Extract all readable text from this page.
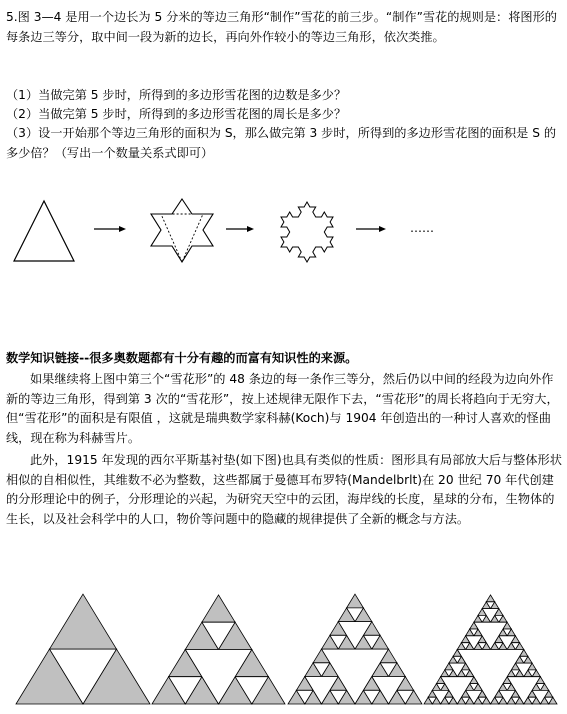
5.图 3—4 是用一个边长为 5 分米的等边三角形“制作”雪花的前三步。“制作”雪花的规则是：将图形的每条边三等分，取中间一段为新的边长，再向外作较小的等边三角形，依次类推。
（1）当做完第 5 步时，所得到的多边形雪花图的边数是多少？
（2）当做完第 5 步时，所得到的多边形雪花图的周长是多少？
（3）设一开始那个等边三角形的面积为 S，那么做完第 3 步时，所得到的多边形雪花图的面积是 S 的多少倍？（写出一个数量关系式即可）
……
数学知识链接--很多奥数题都有十分有趣的而富有知识性的来源。
如果继续将上图中第三个“雪花形”的 48 条边的每一条作三等分，然后仍以中间的经段为边向外作新的等边三角形，得到第 3 次的“雪花形”，按上述规律无限作下去，“雪花形”的周长将趋向于无穷大，但“雪花形”的面积是有限值 ，这就是瑞典数学家科赫(Koch)与 1904 年创造出的一种讨人喜欢的怪曲线，现在称为科赫雪片。
此外，1915 年发现的西尔平斯基衬垫(如下图)也具有类似的性质：图形具有局部放大后与整体形状相似的自相似性，其维数不必为整数，这些都属于曼德耳布罗特(Mandelbrlt)在 20 世纪 70 年代创建的分形理论中的例子，分形理论的兴起，为研究天空中的云团，海岸线的长度，星球的分布，生物体的生长，以及社会科学中的人口，物价等问题中的隐藏的规律提供了全新的概念与方法。
